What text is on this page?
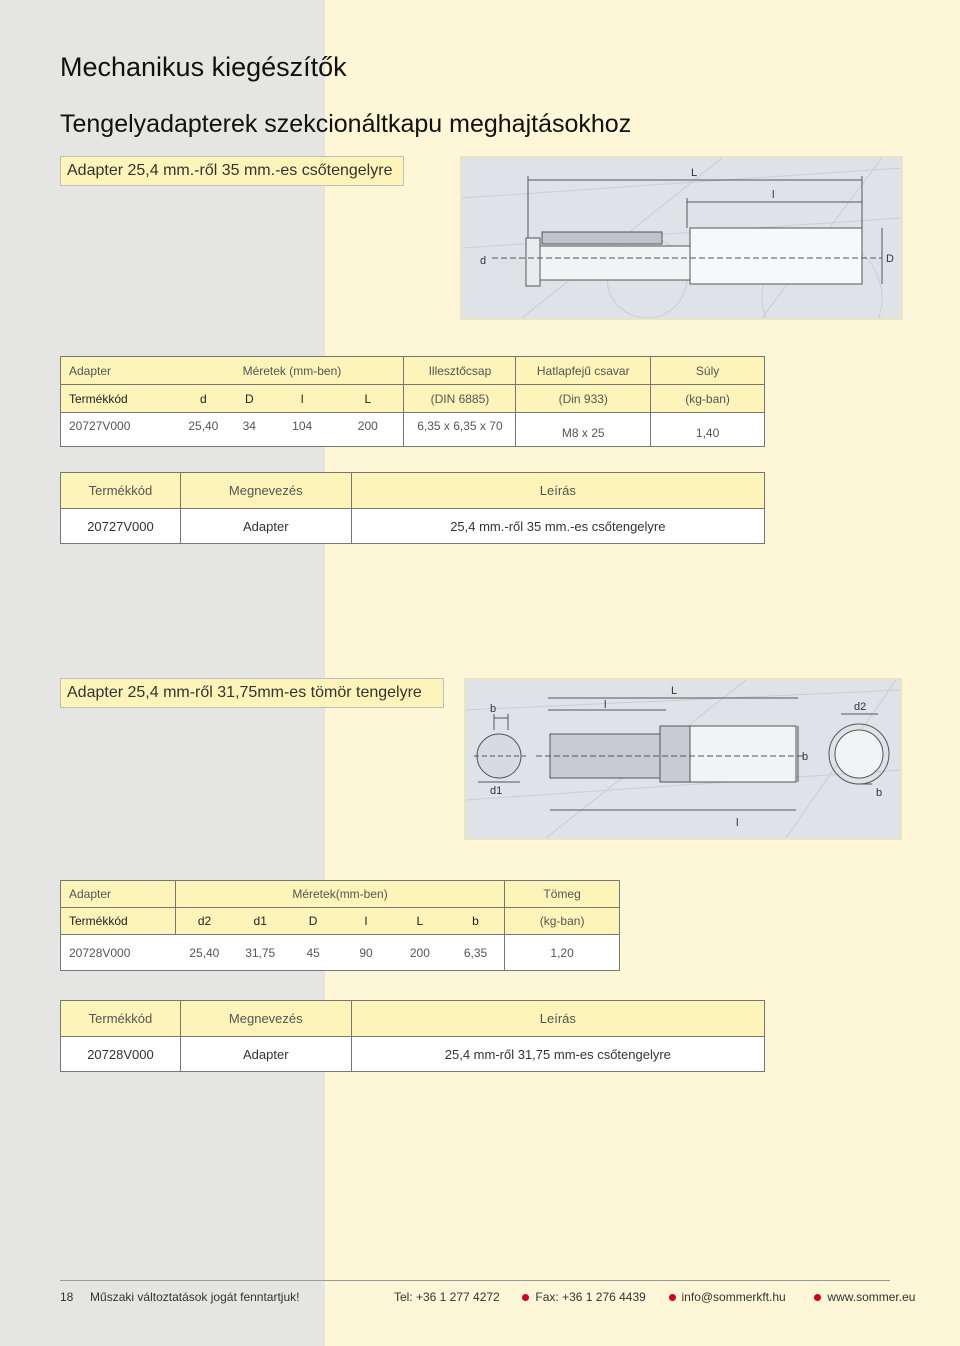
Mechanikus kiegészítők
Tengelyadapterek szekcionáltkapu meghajtásokhoz
Adapter 25,4 mm.-ről 35 mm.-es csőtengelyre	L
l
d	D
Adapter	Méretek (mm-ben)				Illesztőcsap	Hatlapfejű csavar	Súly
Termékkód	d	D	l	L	(DIN 6885)	(Din 933)	(kg-ban)
20727V000	25,40	34	104	200	6,35 x 6,35 x 70	M8 x 25	1,40
Termékkód	Megnevezés	Leírás
20727V000	Adapter	25,4 mm.-ről 35 mm.-es csőtengelyre
Adapter 25,4 mm-ről 31,75mm-es tömör tengelyre
b
d1
L
l
l
d2
b
b
Adapter	Méretek(mm-ben)						Tömeg
Termékkód	d2	d1	D	l	L	b	(kg-ban)
20728V000	25,40	31,75	45	90	200	6,35	1,20
Termékkód	Megnevezés	Leírás
20728V000	Adapter	25,4 mm-ről 31,75 mm-es csőtengelyre
18 Műszaki változtatások jogát fenntartjuk!	Tel: +36 1 277 4272	Fax: +36 1 276 4439	info@sommerkft.hu	www.sommer.eu
